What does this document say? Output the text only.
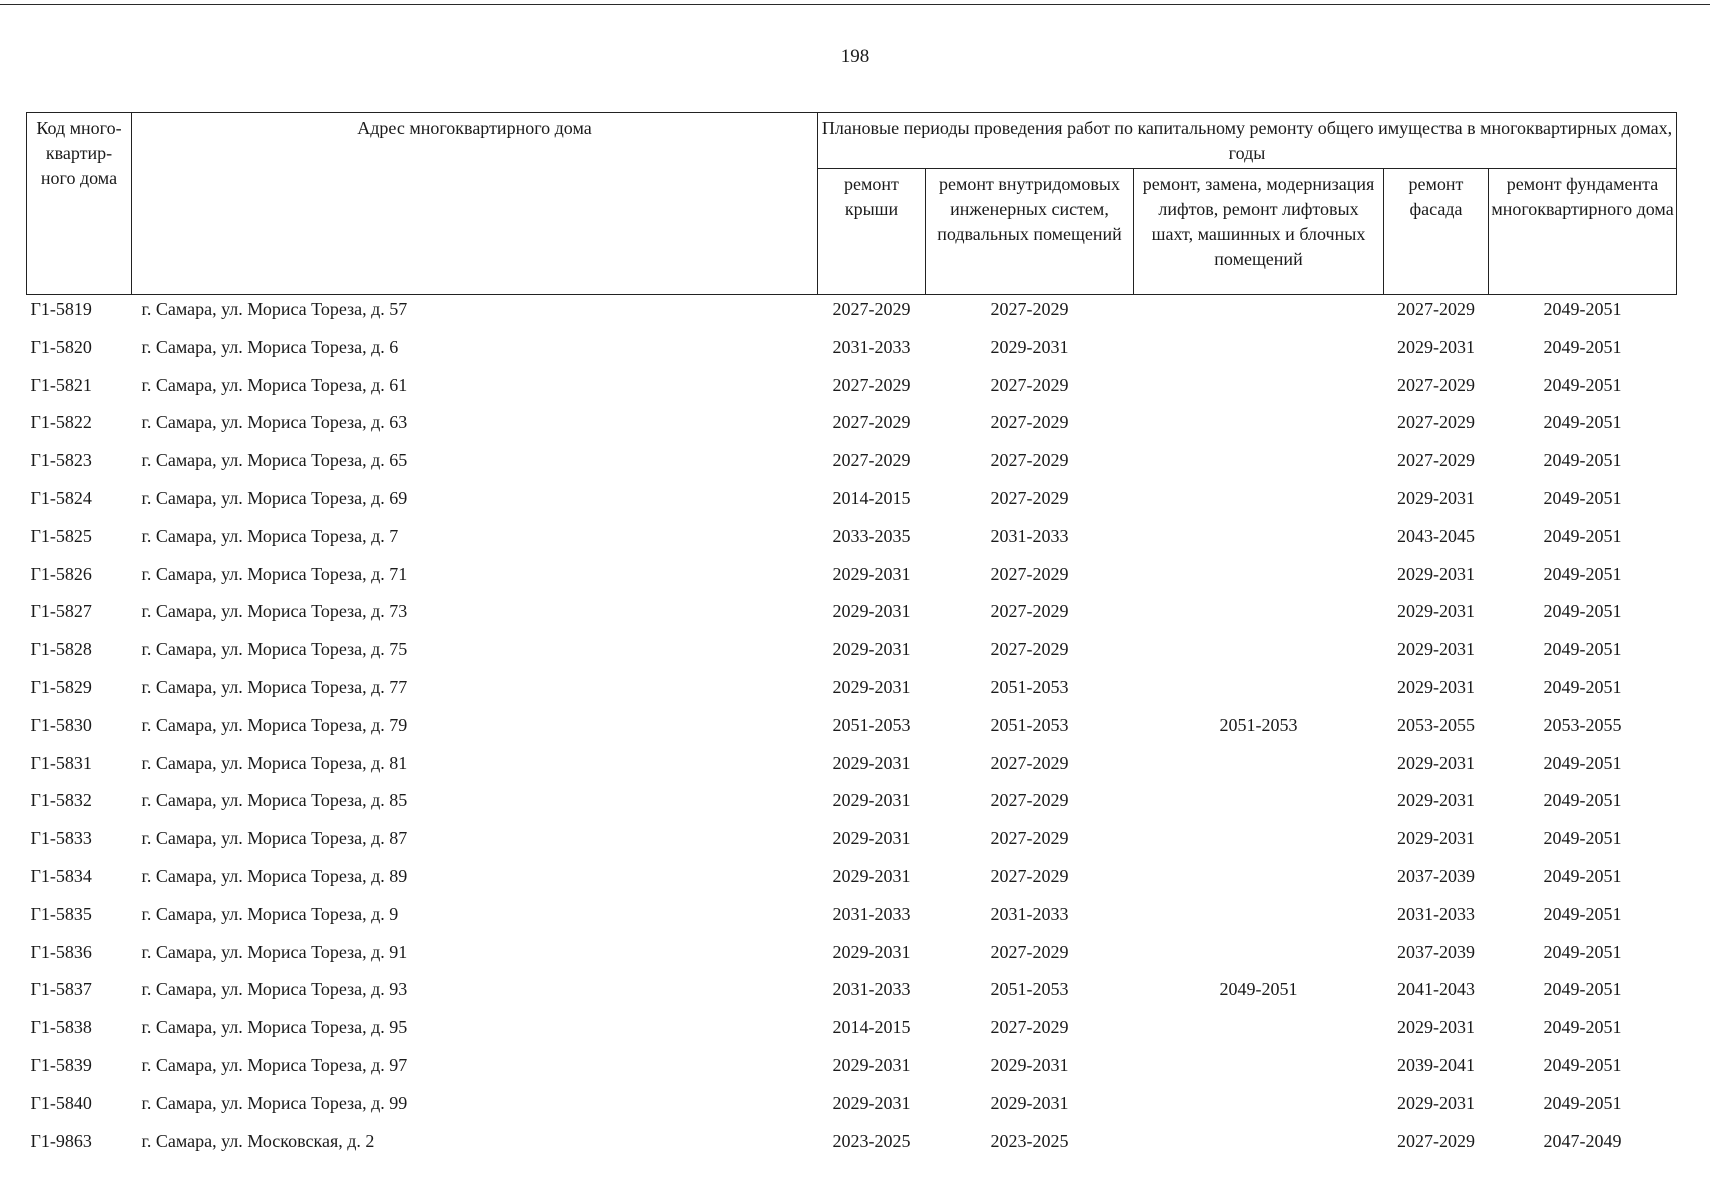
198
Код много-квартир-ного дома	Адрес многоквартирного дома	Плановые периоды проведения работ по капитальному ремонту общего имущества в многоквартирных домах, годы				
		ремонт крыши	ремонт внутридомовых инженерных систем, подвальных помещений	ремонт, замена, модернизация лифтов, ремонт лифтовых шахт, машинных и блочных помещений	ремонт фасада	ремонт фундамента многоквартирного дома
Г1-5819	г. Самара, ул. Мориса Тореза, д. 57	2027-2029	2027-2029		2027-2029	2049-2051
Г1-5820	г. Самара, ул. Мориса Тореза, д. 6	2031-2033	2029-2031		2029-2031	2049-2051
Г1-5821	г. Самара, ул. Мориса Тореза, д. 61	2027-2029	2027-2029		2027-2029	2049-2051
Г1-5822	г. Самара, ул. Мориса Тореза, д. 63	2027-2029	2027-2029		2027-2029	2049-2051
Г1-5823	г. Самара, ул. Мориса Тореза, д. 65	2027-2029	2027-2029		2027-2029	2049-2051
Г1-5824	г. Самара, ул. Мориса Тореза, д. 69	2014-2015	2027-2029		2029-2031	2049-2051
Г1-5825	г. Самара, ул. Мориса Тореза, д. 7	2033-2035	2031-2033		2043-2045	2049-2051
Г1-5826	г. Самара, ул. Мориса Тореза, д. 71	2029-2031	2027-2029		2029-2031	2049-2051
Г1-5827	г. Самара, ул. Мориса Тореза, д. 73	2029-2031	2027-2029		2029-2031	2049-2051
Г1-5828	г. Самара, ул. Мориса Тореза, д. 75	2029-2031	2027-2029		2029-2031	2049-2051
Г1-5829	г. Самара, ул. Мориса Тореза, д. 77	2029-2031	2051-2053		2029-2031	2049-2051
Г1-5830	г. Самара, ул. Мориса Тореза, д. 79	2051-2053	2051-2053	2051-2053	2053-2055	2053-2055
Г1-5831	г. Самара, ул. Мориса Тореза, д. 81	2029-2031	2027-2029		2029-2031	2049-2051
Г1-5832	г. Самара, ул. Мориса Тореза, д. 85	2029-2031	2027-2029		2029-2031	2049-2051
Г1-5833	г. Самара, ул. Мориса Тореза, д. 87	2029-2031	2027-2029		2029-2031	2049-2051
Г1-5834	г. Самара, ул. Мориса Тореза, д. 89	2029-2031	2027-2029		2037-2039	2049-2051
Г1-5835	г. Самара, ул. Мориса Тореза, д. 9	2031-2033	2031-2033		2031-2033	2049-2051
Г1-5836	г. Самара, ул. Мориса Тореза, д. 91	2029-2031	2027-2029		2037-2039	2049-2051
Г1-5837	г. Самара, ул. Мориса Тореза, д. 93	2031-2033	2051-2053	2049-2051	2041-2043	2049-2051
Г1-5838	г. Самара, ул. Мориса Тореза, д. 95	2014-2015	2027-2029		2029-2031	2049-2051
Г1-5839	г. Самара, ул. Мориса Тореза, д. 97	2029-2031	2029-2031		2039-2041	2049-2051
Г1-5840	г. Самара, ул. Мориса Тореза, д. 99	2029-2031	2029-2031		2029-2031	2049-2051
Г1-9863	г. Самара, ул. Московская, д. 2	2023-2025	2023-2025		2027-2029	2047-2049
